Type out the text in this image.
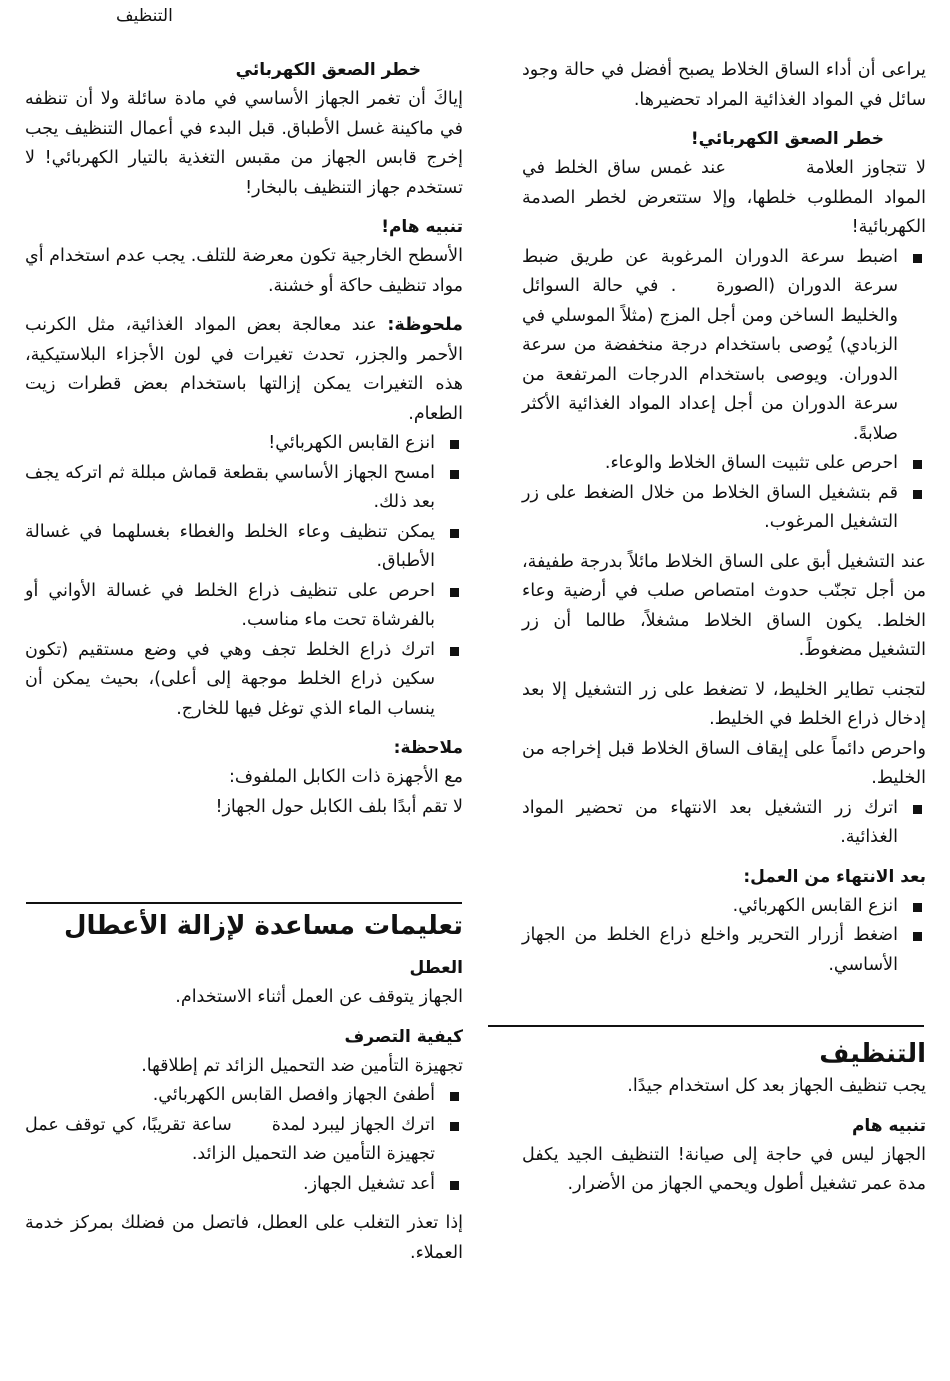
التنظيف

يراعى أن أداء الساق الخلاط يصبح أفضل في حالة وجود سائل في المواد الغذائية المراد تحضيرها.

خطر الصعق الكهربائي!

لا تتجاوز العلامةعند غمس ساق الخلط في المواد المطلوب خلطها، وإلا ستتعرض لخطر الصدمة الكهربائية!

اضبط سرعة الدوران المرغوبة عن طريق ضبط سرعة الدوران (الصورة. في حالة السوائل والخليط الساخن ومن أجل المزج (مثلاً الموسلي في الزبادي) يُوصى باستخدام درجة منخفضة من سرعة الدوران. ويوصى باستخدام الدرجات المرتفعة من سرعة الدوران من أجل إعداد المواد الغذائية الأكثر صلابةً.
احرص على تثبيت الساق الخلاط والوعاء.
قم بتشغيل الساق الخلاط من خلال الضغط على زر التشغيل المرغوب.

عند التشغيل أبق على الساق الخلاط مائلاً بدرجة طفيفة، من أجل تجنّب حدوث امتصاص صلب في أرضية وعاء الخلط. يكون الساق الخلاط مشغلاً، طالما أن زر التشغيل مضغوطً.

لتجنب تطاير الخليط، لا تضغط على زر التشغيل إلا بعد إدخال ذراع الخلط في الخليط.

واحرص دائماً على إيقاف الساق الخلاط قبل إخراجه من الخليط.

اترك زر التشغيل بعد الانتهاء من تحضير المواد الغذائية.

بعد الانتهاء من العمل:

انزع القابس الكهربائي.
اضغط أزرار التحرير واخلع ذراع الخلط من الجهاز الأساسي.

التنظيف

يجب تنظيف الجهاز بعد كل استخدام جيدًا.

تنبيه هام

الجهاز ليس في حاجة إلى صيانة! التنظيف الجيد يكفل مدة عمر تشغيل أطول ويحمي الجهاز من الأضرار.

خطر الصعق الكهربائي

إياكَ أن تغمر الجهاز الأساسي في مادة سائلة ولا أن تنظفه في ماكينة غسل الأطباق. قبل البدء في أعمال التنظيف يجب إخرج قابس الجهاز من مقبس التغذية بالتيار الكهربائي! لا تستخدم جهاز التنظيف بالبخار!

تنبيه هام!

الأسطح الخارجية تكون معرضة للتلف. يجب عدم استخدام أي مواد تنظيف حاكة أو خشنة.

ملحوظة: عند معالجة بعض المواد الغذائية، مثل الكرنب الأحمر والجزر، تحدث تغيرات في لون الأجزاء البلاستيكية، هذه التغيرات يمكن إزالتها باستخدام بعض قطرات زيت الطعام.

انزع القابس الكهربائي!
امسح الجهاز الأساسي بقطعة قماش مبللة ثم اتركه يجف بعد ذلك.
يمكن تنظيف وعاء الخلط والغطاء بغسلهما في غسالة الأطباق.
احرص على تنظيف ذراع الخلط في غسالة الأواني أو بالفرشاة تحت ماء مناسب.
اترك ذراع الخلط تجف وهي في وضع مستقيم (تكون سكين ذراع الخلط موجهة إلى أعلى)، بحيث يمكن أن ينساب الماء الذي توغل فيها للخارج.

ملاحظة:

مع الأجهزة ذات الكابل الملفوف:

لا تقم أبدًا بلف الكابل حول الجهاز!

تعليمات مساعدة لإزالة الأعطال

العطل

الجهاز يتوقف عن العمل أثناء الاستخدام.

كيفية التصرف

تجهيزة التأمين ضد التحميل الزائد تم إطلاقها.

أطفئ الجهاز وافصل القابس الكهربائي.
اترك الجهاز ليبرد لمدةساعة تقريبًا، كي توقف عمل تجهيزة التأمين ضد التحميل الزائد.
أعد تشغيل الجهاز.

إذا تعذر التغلب على العطل، فاتصل من فضلك بمركز خدمة العملاء.
